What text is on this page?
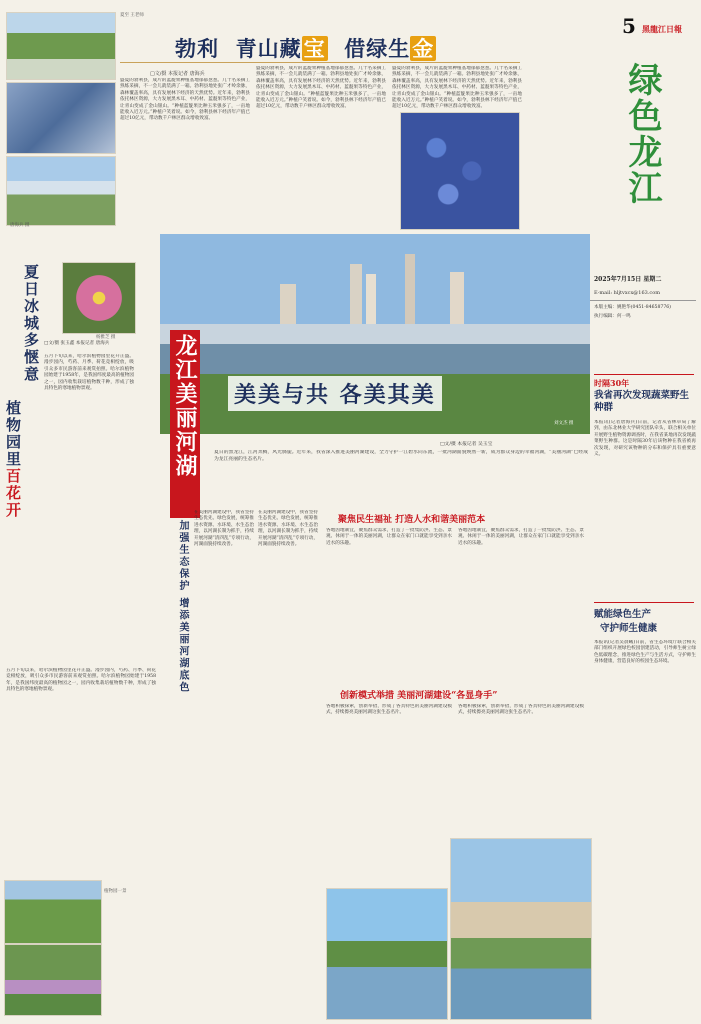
夏至 王老师
唐海兵 摄
勃利 青山藏宝 借绿生金
□文/摄 本报记者 唐海兵
盛夏的勃利县，成片的蓝靛果种植基地郁郁葱葱。几十名采摘工熟练采摘，不一会儿就装满了一箱。勃利县地处张广才岭余脉，森林覆盖率高，具有发展林下经济的天然优势。近年来，勃利县依托林区资源，大力发展黑木耳、中药材、蓝靛果等特色产业，让青山变成了金山银山。“种植蓝靛果比种玉米强多了，一亩地能收入近万元。”种植户笑着说。如今，勃利县林下经济年产值已超过10亿元，带动数千户林区群众增收致富。
盛夏的勃利县，成片的蓝靛果种植基地郁郁葱葱。几十名采摘工熟练采摘，不一会儿就装满了一箱。勃利县地处张广才岭余脉，森林覆盖率高，具有发展林下经济的天然优势。近年来，勃利县依托林区资源，大力发展黑木耳、中药材、蓝靛果等特色产业，让青山变成了金山银山。“种植蓝靛果比种玉米强多了，一亩地能收入近万元。”种植户笑着说。如今，勃利县林下经济年产值已超过10亿元，带动数千户林区群众增收致富。
盛夏的勃利县，成片的蓝靛果种植基地郁郁葱葱。几十名采摘工熟练采摘，不一会儿就装满了一箱。勃利县地处张广才岭余脉，森林覆盖率高，具有发展林下经济的天然优势。近年来，勃利县依托林区资源，大力发展黑木耳、中药材、蓝靛果等特色产业，让青山变成了金山银山。“种植蓝靛果比种玉米强多了，一亩地能收入近万元。”种植户笑着说。如今，勃利县林下经济年产值已超过10亿元，带动数千户林区群众增收致富。
5 黑龍江日報
绿色龙江
2025年7月15日 星期二
E-mail: hljtvxcx@163.com
本版主编：姚艳华(0451-84658776)
执行编辑：何一鸣
杨雅芝 摄
夏日冰城多惬意
植物园里百花开
□文/摄 张玉鑫 本报记者 唐海兵
五月下旬以来，哈尔滨植物园里花开正盛。漫步园内，芍药、月季、荷花竞相绽放，吸引众多市民游客前来观赏拍照。哈尔滨植物园始建于1958年，是我国纬度最高的植物园之一，园内收集栽培植物数千种，形成了独具特色的寒地植物景观。
五月下旬以来，哈尔滨植物园里花开正盛。漫步园内，芍药、月季、荷花竞相绽放，吸引众多市民游客前来观赏拍照。哈尔滨植物园始建于1958年，是我国纬度最高的植物园之一，园内收集栽培植物数千种，形成了独具特色的寒地植物景观。
植物园一景
刘文杰 摄
龙江美丽河湖 美美与共 各美其美
□文/摄 本报记者 吴玉宝
夏日的黑龙江，江河奔腾，风光旖旎。近年来，我省深入推进美丽河湖建设，全力守护一江碧水向东流，一批河湖面貌焕然一新，成为群众身边的幸福河湖，“美丽河湖”已经成为龙江亮丽的生态名片。
加强生态保护 增添美丽河湖底色
在美丽河湖建设中，我省坚持生态优先、绿色发展，统筹推进水资源、水环境、水生态治理，以河湖长制为抓手，持续开展河湖“清四乱”专项行动，河湖面貌持续改善。
在美丽河湖建设中，我省坚持生态优先、绿色发展，统筹推进水资源、水环境、水生态治理，以河湖长制为抓手，持续开展河湖“清四乱”专项行动，河湖面貌持续改善。
聚焦民生福祉 打造人水和谐美丽范本
各地因地制宜，聚焦群众需求，打造了一批集防洪、生态、景观、休闲于一体的美丽河湖，让群众在家门口就能享受到亲水近水的乐趣。
各地因地制宜，聚焦群众需求，打造了一批集防洪、生态、景观、休闲于一体的美丽河湖，让群众在家门口就能享受到亲水近水的乐趣。
创新模式举措 美丽河湖建设“各显身手”
各地积极探索，创新举措，形成了各具特色的美丽河湖建设模式，持续擦亮美丽河湖这张生态名片。
各地积极探索，创新举措，形成了各具特色的美丽河湖建设模式，持续擦亮美丽河湖这张生态名片。
时隔30年
我省再次发现蔬菜野生种群
本报讯(记者唐海兵)日前，记者从省林草局了解到，由东北林业大学研究团队牵头，联合相关单位开展野生植物资源调查时，在我省某地再次发现蔬菜野生种群。这是时隔30年后该物种在我省被再次发现，对研究该物种的分布和保护具有重要意义。
赋能绿色生产
守护师生健康
本报讯(记者吴晨曦)日前，省生态环境厅联合相关部门组织开展绿色校园创建活动，引导师生树立绿色低碳理念，推进绿色生产与生活方式，守护师生身体健康，营造良好的校园生态环境。
